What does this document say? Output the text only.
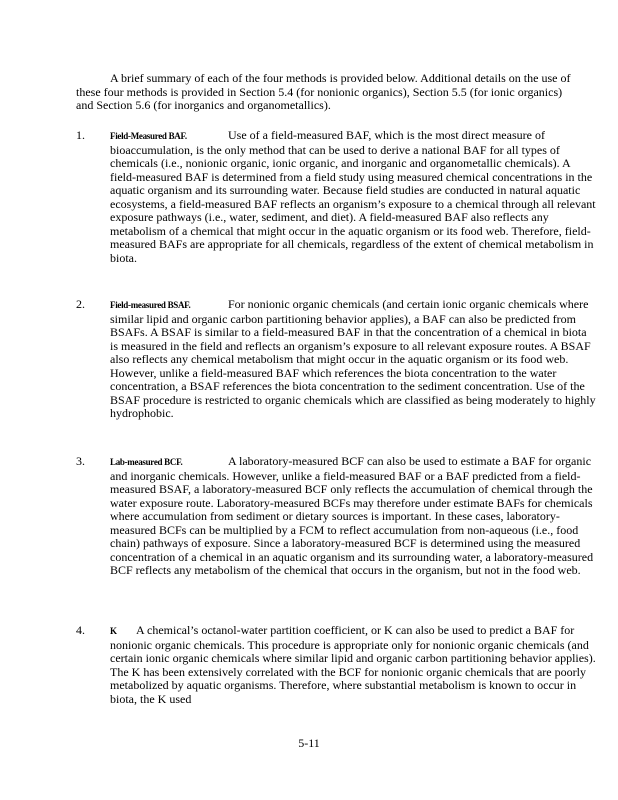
A brief summary of each of the four methods is provided below. Additional details on the use of these four methods is provided in Section 5.4 (for nonionic organics), Section 5.5 (for ionic organics) and Section 5.6 (for inorganics and organometallics).

1.	Field-Measured BAF.	Use of a field-measured BAF, which is the most direct measure of bioaccumulation, is the only method that can be used to derive a national BAF for all types of chemicals (i.e., nonionic organic, ionic organic, and inorganic and organometallic chemicals). A field-measured BAF is determined from a field study using measured chemical concentrations in the aquatic organism and its surrounding water. Because field studies are conducted in natural aquatic ecosystems, a field-measured BAF reflects an organism’s exposure to a chemical through all relevant exposure pathways (i.e., water, sediment, and diet). A field-measured BAF also reflects any metabolism of a chemical that might occur in the aquatic organism or its food web. Therefore, field-measured BAFs are appropriate for all chemicals, regardless of the extent of chemical metabolism in biota.
2.	Field-measured BSAF.	For nonionic organic chemicals (and certain ionic organic chemicals where similar lipid and organic carbon partitioning behavior applies), a BAF can also be predicted from BSAFs. A BSAF is similar to a field-measured BAF in that the concentration of a chemical in biota is measured in the field and reflects an organism’s exposure to all relevant exposure routes. A BSAF also reflects any chemical metabolism that might occur in the aquatic organism or its food web. However, unlike a field-measured BAF which references the biota concentration to the water concentration, a BSAF references the biota concentration to the sediment concentration. Use of the BSAF procedure is restricted to organic chemicals which are classified as being moderately to highly hydrophobic.
3.	Lab-measured BCF.	A laboratory-measured BCF can also be used to estimate a BAF for organic and inorganic chemicals. However, unlike a field-measured BAF or a BAF predicted from a field-measured BSAF, a laboratory-measured BCF only reflects the accumulation of chemical through the water exposure route. Laboratory-measured BCFs may therefore under estimate BAFs for chemicals where accumulation from sediment or dietary sources is important. In these cases, laboratory-measured BCFs can be multiplied by a FCM to reflect accumulation from non-aqueous (i.e., food chain) pathways of exposure. Since a laboratory-measured BCF is determined using the measured concentration of a chemical in an aquatic organism and its surrounding water, a laboratory-measured BCF reflects any metabolism of the chemical that occurs in the organism, but not in the food web.
4.	K A chemical’s octanol-water partition coefficient, or K can also be used to predict a BAF for nonionic organic chemicals. This procedure is appropriate only for nonionic organic chemicals (and certain ionic organic chemicals where similar lipid and organic carbon partitioning behavior applies). The K has been extensively correlated with the BCF for nonionic organic chemicals that are poorly metabolized by aquatic organisms. Therefore, where substantial metabolism is known to occur in biota, the K used
5-11
